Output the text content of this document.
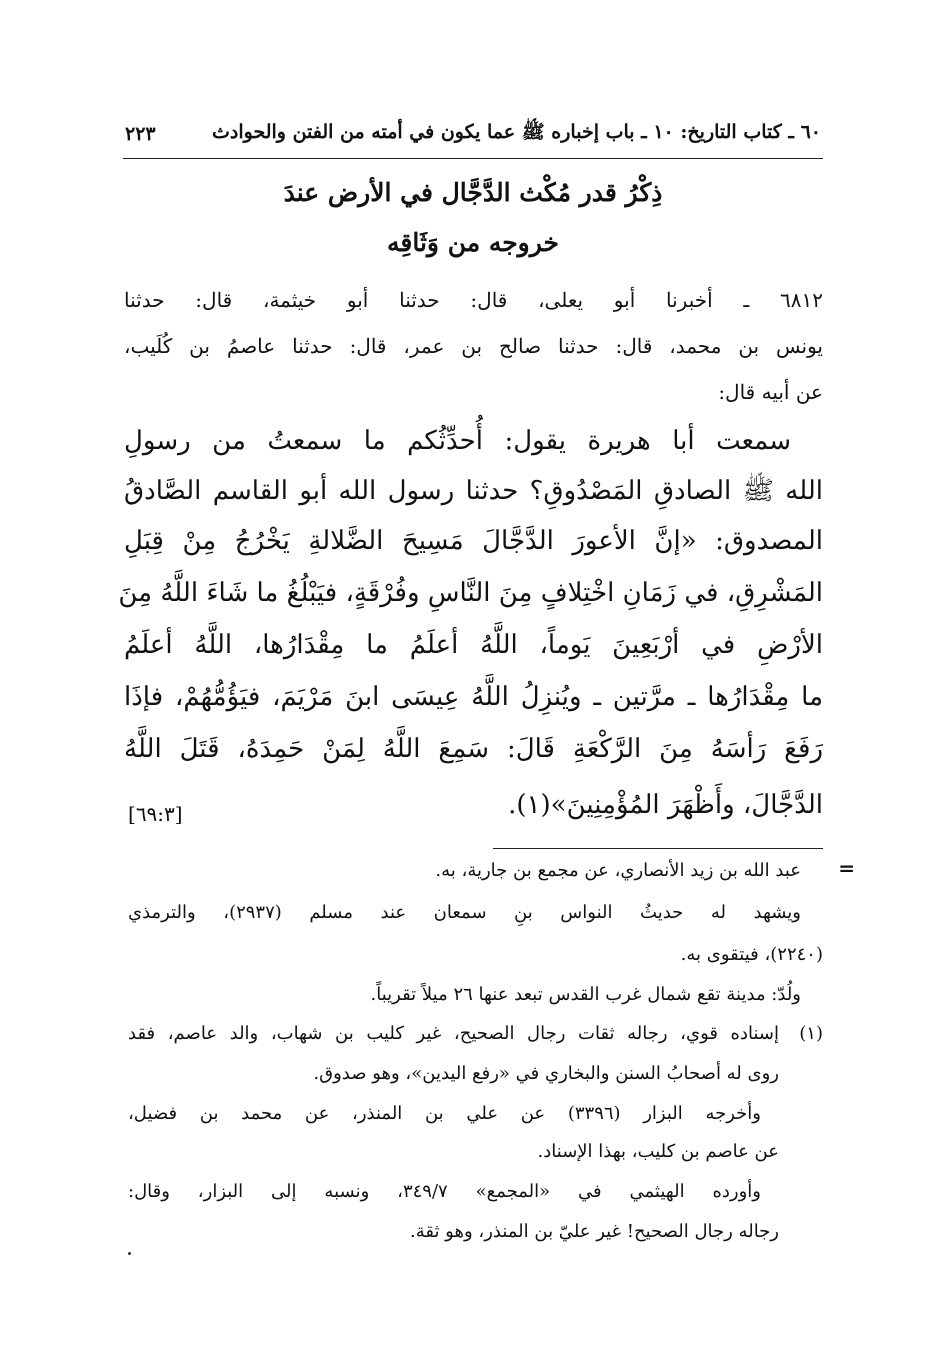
٦٠ ـ كتاب التاريخ: ١٠ ـ باب إخباره ﷺ عما يكون في أمته من الفتن والحوادث
٢٢٣
ذِكْرُ قدر مُكْث الدَّجَّال في الأرض عندَ
خروجه من وَثَاقِه
٦٨١٢ ـ أخبرنا أبو يعلى، قال: حدثنا أبو خيثمة، قال: حدثنا
يونس بن محمد، قال: حدثنا صالح بن عمر، قال: حدثنا عاصمُ بن كُلَيب،
عن أبيه قال:
سمعت أبا هريرة يقول: أُحدِّثُكم ما سمعتُ من رسولِ
الله ﷺ الصادقِ المَصْدُوقِ؟ حدثنا رسول الله أبو القاسم الصَّادقُ
المصدوق: «إنَّ الأعورَ الدَّجَّالَ مَسِيحَ الضَّلالةِ يَخْرُجُ مِنْ قِبَلِ
المَشْرِقِ، في زَمَانِ اخْتِلافٍ مِنَ النَّاسِ وفُرْقَةٍ، فيَبْلُغُ ما شَاءَ اللَّهُ مِنَ
الأرْضِ في أرْبَعِينَ يَوماً، اللَّهُ أعلَمُ ما مِقْدَارُها، اللَّهُ أعلَمُ
ما مِقْدَارُها ـ مرَّتين ـ ويُنزِلُ اللَّهُ عِيسَى ابنَ مَرْيَمَ، فيَؤُمُّهُمْ، فإذَا
رَفَعَ رَأسَهُ مِنَ الرَّكْعَةِ قَالَ: سَمِعَ اللَّهُ لِمَنْ حَمِدَهُ، قَتَلَ اللَّهُ
الدَّجَّالَ، وأَظْهَرَ المُؤْمِنِينَ»(١).
[٦٩:٣]
=
عبد الله بن زيد الأنصاري، عن مجمع بن جارية، به.
ويشهد له حديثُ النواس بنِ سمعان عند مسلم (٢٩٣٧)، والترمذي
(٢٢٤٠)، فيتقوى به.
ولُدّ: مدينة تقع شمال غرب القدس تبعد عنها ٢٦ ميلاً تقريباً.
(١)
إسناده قوي، رجاله ثقات رجال الصحيح، غير كليب بن شهاب، والد عاصم، فقد
روى له أصحابُ السنن والبخاري في «رفع اليدين»، وهو صدوق.
وأخرجه البزار (٣٣٩٦) عن علي بن المنذر، عن محمد بن فضيل،
عن عاصم بن كليب، بهذا الإسناد.
وأورده الهيثمي في «المجمع» ٣٤٩/٧، ونسبه إلى البزار، وقال:
رجاله رجال الصحيح! غير عليّ بن المنذر، وهو ثقة.
